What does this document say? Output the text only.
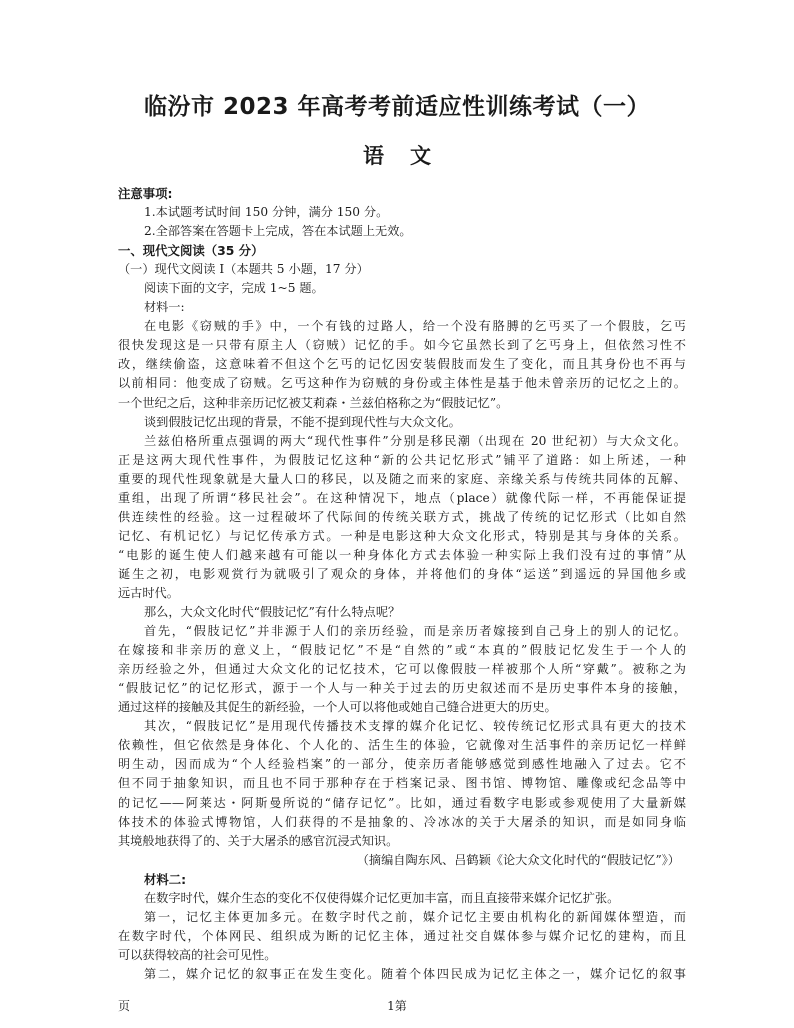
临汾市 2023 年高考考前适应性训练考试（一）
语文
注意事项:
1.本试题考试时间 150 分钟，满分 150 分。
2.全部答案在答题卡上完成，答在本试题上无效。
一、现代文阅读（35 分）
（一）现代文阅读 I（本题共 5 小题，17 分）
阅读下面的文字，完成 1~5 题。
材料一:
在电影《窃贼的手》中，一个有钱的过路人，给一个没有胳膊的乞丐买了一个假肢，乞丐
很快发现这是一只带有原主人（窃贼）记忆的手。如今它虽然长到了乞丐身上，但依然习性不
改，继续偷盗，这意味着不但这个乞丐的记忆因安装假肢而发生了变化，而且其身份也不再与
以前相同：他变成了窃贼。乞丐这种作为窃贼的身份或主体性是基于他未曾亲历的记忆之上的。
一个世纪之后，这种非亲历记忆被艾莉森・兰兹伯格称之为“假肢记忆”。
谈到假肢记忆出现的背景，不能不提到现代性与大众文化。
兰兹伯格所重点强调的两大“现代性事件”分别是移民潮（出现在 20 世纪初）与大众文化。
正是这两大现代性事件，为假肢记忆这种“新的公共记忆形式”铺平了道路：如上所述，一种
重要的现代性现象就是大量人口的移民，以及随之而来的家庭、亲缘关系与传统共同体的瓦解、
重组，出现了所谓“移民社会”。在这种情况下，地点（place）就像代际一样，不再能保证提
供连续性的经验。这一过程破坏了代际间的传统关联方式，挑战了传统的记忆形式（比如自然
记忆、有机记忆）与记忆传承方式。一种是电影这种大众文化形式，特别是其与身体的关系。
“电影的诞生使人们越来越有可能以一种身体化方式去体验一种实际上我们没有过的事情”从
诞生之初，电影观赏行为就吸引了观众的身体，并将他们的身体“运送”到遥远的异国他乡或
远古时代。
那么，大众文化时代“假肢记忆”有什么特点呢？
首先，“假肢记忆”并非源于人们的亲历经验，而是亲历者嫁接到自己身上的别人的记忆。
在嫁接和非亲历的意义上，“假肢记忆”不是“自然的”或“本真的”假肢记忆发生于一个人的
亲历经验之外，但通过大众文化的记忆技术，它可以像假肢一样被那个人所“穿戴”。被称之为
“假肢记忆”的记忆形式，源于一个人与一种关于过去的历史叙述而不是历史事件本身的接触，
通过这样的接触及其促生的新经验，一个人可以将他或她自己缝合进更大的历史。
其次，“假肢记忆”是用现代传播技术支撑的媒介化记忆、较传统记忆形式具有更大的技术
依赖性，但它依然是身体化、个人化的、活生生的体验，它就像对生活事件的亲历记忆一样鲜
明生动，因而成为“个人经验档案”的一部分，使亲历者能够感觉到感性地融入了过去。它不
但不同于抽象知识，而且也不同于那种存在于档案记录、图书馆、博物馆、雕像或纪念品等中
的记忆——阿莱达・阿斯曼所说的“储存记忆”。比如，通过看数字电影或参观使用了大量新媒
体技术的体验式博物馆，人们获得的不是抽象的、冷冰冰的关于大屠杀的知识，而是如同身临
其境般地获得了的、关于大屠杀的感官沉浸式知识。
（摘编自陶东风、吕鹤颖《论大众文化时代的“假肢记忆”》）
材料二:
在数字时代，媒介生态的变化不仅使得媒介记忆更加丰富，而且直接带来媒介记忆扩张。
第一，记忆主体更加多元。在数字时代之前，媒介记忆主要由机构化的新闻媒体塑造，而
在数字时代，个体网民、组织成为断的记忆主体，通过社交自媒体参与媒介记忆的建构，而且
可以获得较高的社会可见性。
第二，媒介记忆的叙事正在发生变化。随着个体四民成为记忆主体之一，媒介记忆的叙事
页	1第
